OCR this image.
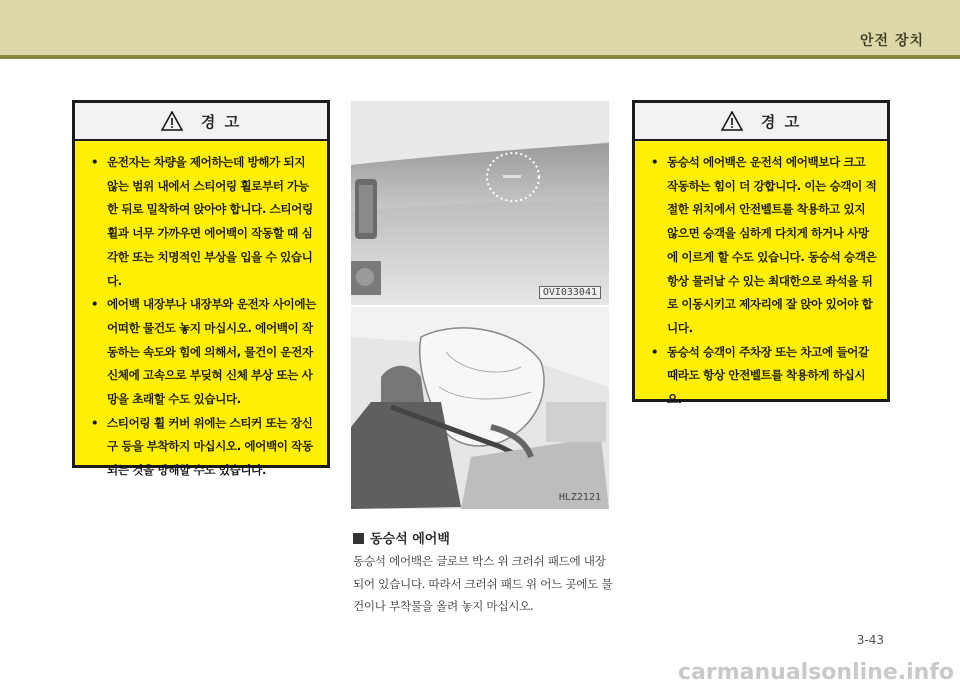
안전 장치
경 고
• 운전자는 차량을 제어하는데 방해가 되지 않는 범위 내에서 스티어링 휠로부터 가능한 뒤로 밀착하여 앉아야 합니다. 스티어링 휠과 너무 가까우면 에어백이 작동할 때 심각한 또는 치명적인 부상을 입을 수 있습니다.
• 에어백 내장부나 내장부와 운전자 사이에는 어떠한 물건도 놓지 마십시오. 에어백이 작동하는 속도와 힘에 의해서, 물건이 운전자 신체에 고속으로 부딪혀 신체 부상 또는 사망을 초래할 수도 있습니다.
• 스티어링 휠 커버 위에는 스티커 또는 장신구 등을 부착하지 마십시오. 에어백이 작동되는 것을 방해할 수도 있습니다.
OVI033041
HLZ2121
경 고
• 동승석 에어백은 운전석 에어백보다 크고 작동하는 힘이 더 강합니다. 이는 승객이 적절한 위치에서 안전벨트를 착용하고 있지 않으면 승객을 심하게 다치게 하거나 사망에 이르게 할 수도 있습니다. 동승석 승객은 항상 물러날 수 있는 최대한으로 좌석을 뒤로 이동시키고 제자리에 잘 앉아 있어야 합니다.
• 동승석 승객이 주차장 또는 차고에 들어갈 때라도 항상 안전벨트를 착용하게 하십시오.
동승석 에어백
동승석 에어백은 글로브 박스 위 크러쉬 패드에 내장되어 있습니다. 따라서 크러쉬 패드 위 어느 곳에도 물건이나 부착물을 올려 놓지 마십시오.
3-43
carmanualsonline.info
